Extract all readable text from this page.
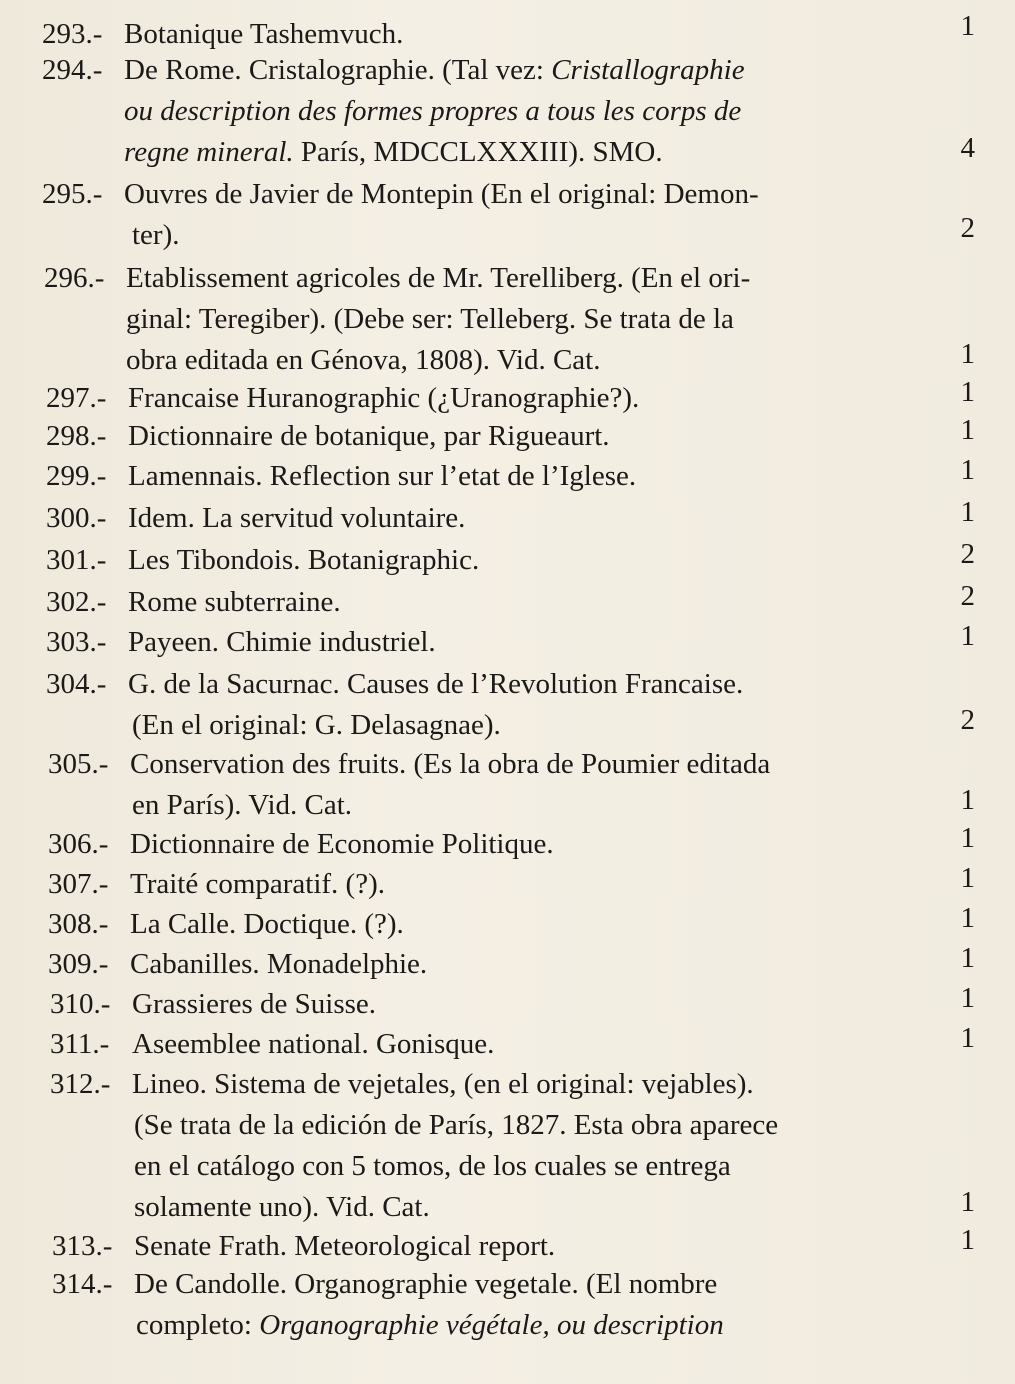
293.- Botanique Tashemvuch.	1
294.- De Rome. Cristalographie. (Tal vez: Cristallographie
ou description des formes propres a tous les corps de
regne mineral. París, MDCCLXXXIII). SMO.	4
295.- Ouvres de Javier de Montepin (En el original: Demon-
ter).	2
296.- Etablissement agricoles de Mr. Terelliberg. (En el ori-
ginal: Teregiber). (Debe ser: Telleberg. Se trata de la
obra editada en Génova, 1808). Vid. Cat.	1
297.- Francaise Huranographic (¿Uranographie?).	1
298.- Dictionnaire de botanique, par Rigueaurt.	1
299.- Lamennais. Reflection sur l’etat de l’Iglese.	1
300.- Idem. La servitud voluntaire.	1
301.- Les Tibondois. Botanigraphic.	2
302.- Rome subterraine.	2
303.- Payeen. Chimie industriel.	1
304.- G. de la Sacurnac. Causes de l’Revolution Francaise.
(En el original: G. Delasagnae).	2
305.- Conservation des fruits. (Es la obra de Poumier editada
en París). Vid. Cat.	1
306.- Dictionnaire de Economie Politique.	1
307.- Traité comparatif. (?).	1
308.- La Calle. Doctique. (?).	1
309.- Cabanilles. Monadelphie.	1
310.- Grassieres de Suisse.	1
311.- Aseemblee national. Gonisque.	1
312.- Lineo. Sistema de vejetales, (en el original: vejables).
(Se trata de la edición de París, 1827. Esta obra aparece
en el catálogo con 5 tomos, de los cuales se entrega
solamente uno). Vid. Cat.	1
313.- Senate Frath. Meteorological report.	1
314.- De Candolle. Organographie vegetale. (El nombre
completo: Organographie végétale, ou description
